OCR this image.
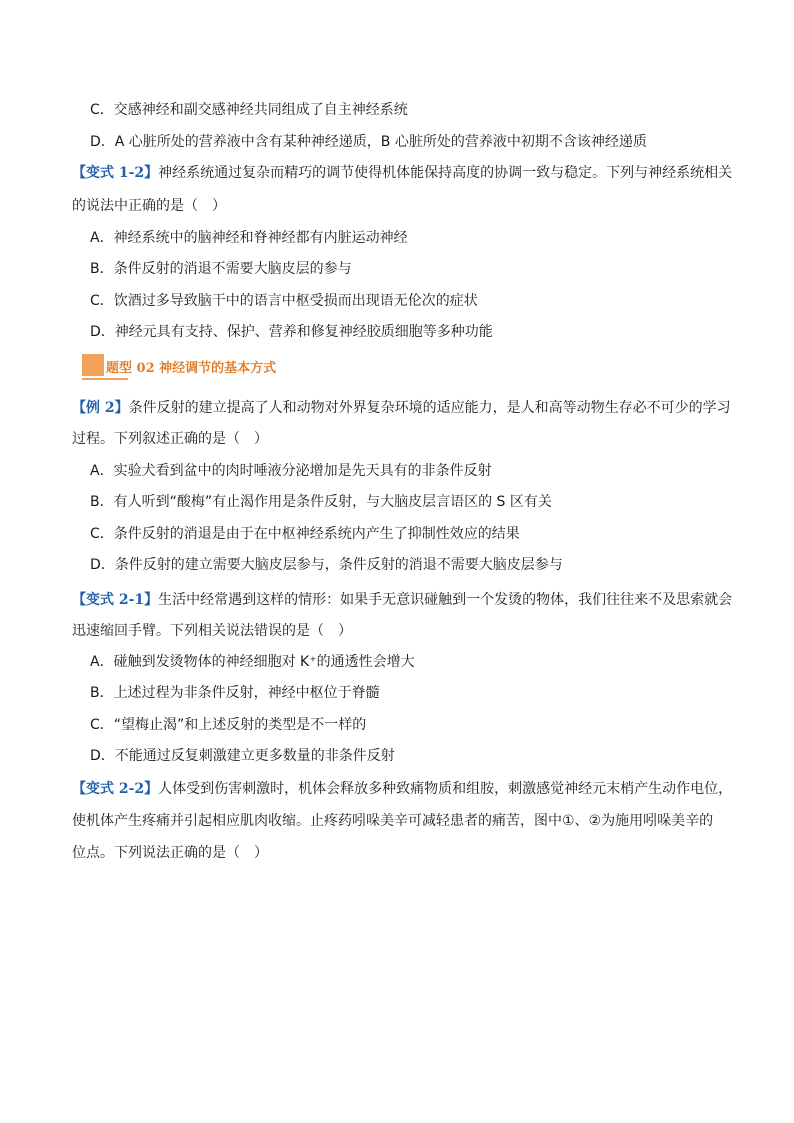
C．交感神经和副交感神经共同组成了自主神经系统
D．A 心脏所处的营养液中含有某种神经递质，B 心脏所处的营养液中初期不含该神经递质
【变式 1-2】神经系统通过复杂而精巧的调节使得机体能保持高度的协调一致与稳定。下列与神经系统相关
的说法中正确的是（　）
A．神经系统中的脑神经和脊神经都有内脏运动神经
B．条件反射的消退不需要大脑皮层的参与
C．饮酒过多导致脑干中的语言中枢受损而出现语无伦次的症状
D．神经元具有支持、保护、营养和修复神经胶质细胞等多种功能
题型 02 神经调节的基本方式
【例 2】条件反射的建立提高了人和动物对外界复杂环境的适应能力，是人和高等动物生存必不可少的学习
过程。下列叙述正确的是（　）
A．实验犬看到盆中的肉时唾液分泌增加是先天具有的非条件反射
B．有人听到“酸梅”有止渴作用是条件反射，与大脑皮层言语区的 S 区有关
C．条件反射的消退是由于在中枢神经系统内产生了抑制性效应的结果
D．条件反射的建立需要大脑皮层参与，条件反射的消退不需要大脑皮层参与
【变式 2-1】生活中经常遇到这样的情形：如果手无意识碰触到一个发烫的物体，我们往往来不及思索就会
迅速缩回手臂。下列相关说法错误的是（　）
A．碰触到发烫物体的神经细胞对 K⁺的通透性会增大
B．上述过程为非条件反射，神经中枢位于脊髓
C．“望梅止渴”和上述反射的类型是不一样的
D．不能通过反复刺激建立更多数量的非条件反射
【变式 2-2】人体受到伤害刺激时，机体会释放多种致痛物质和组胺，刺激感觉神经元末梢产生动作电位，
使机体产生疼痛并引起相应肌肉收缩。止疼药吲哚美辛可减轻患者的痛苦，图中①、②为施用吲哚美辛的
位点。下列说法正确的是（　）
